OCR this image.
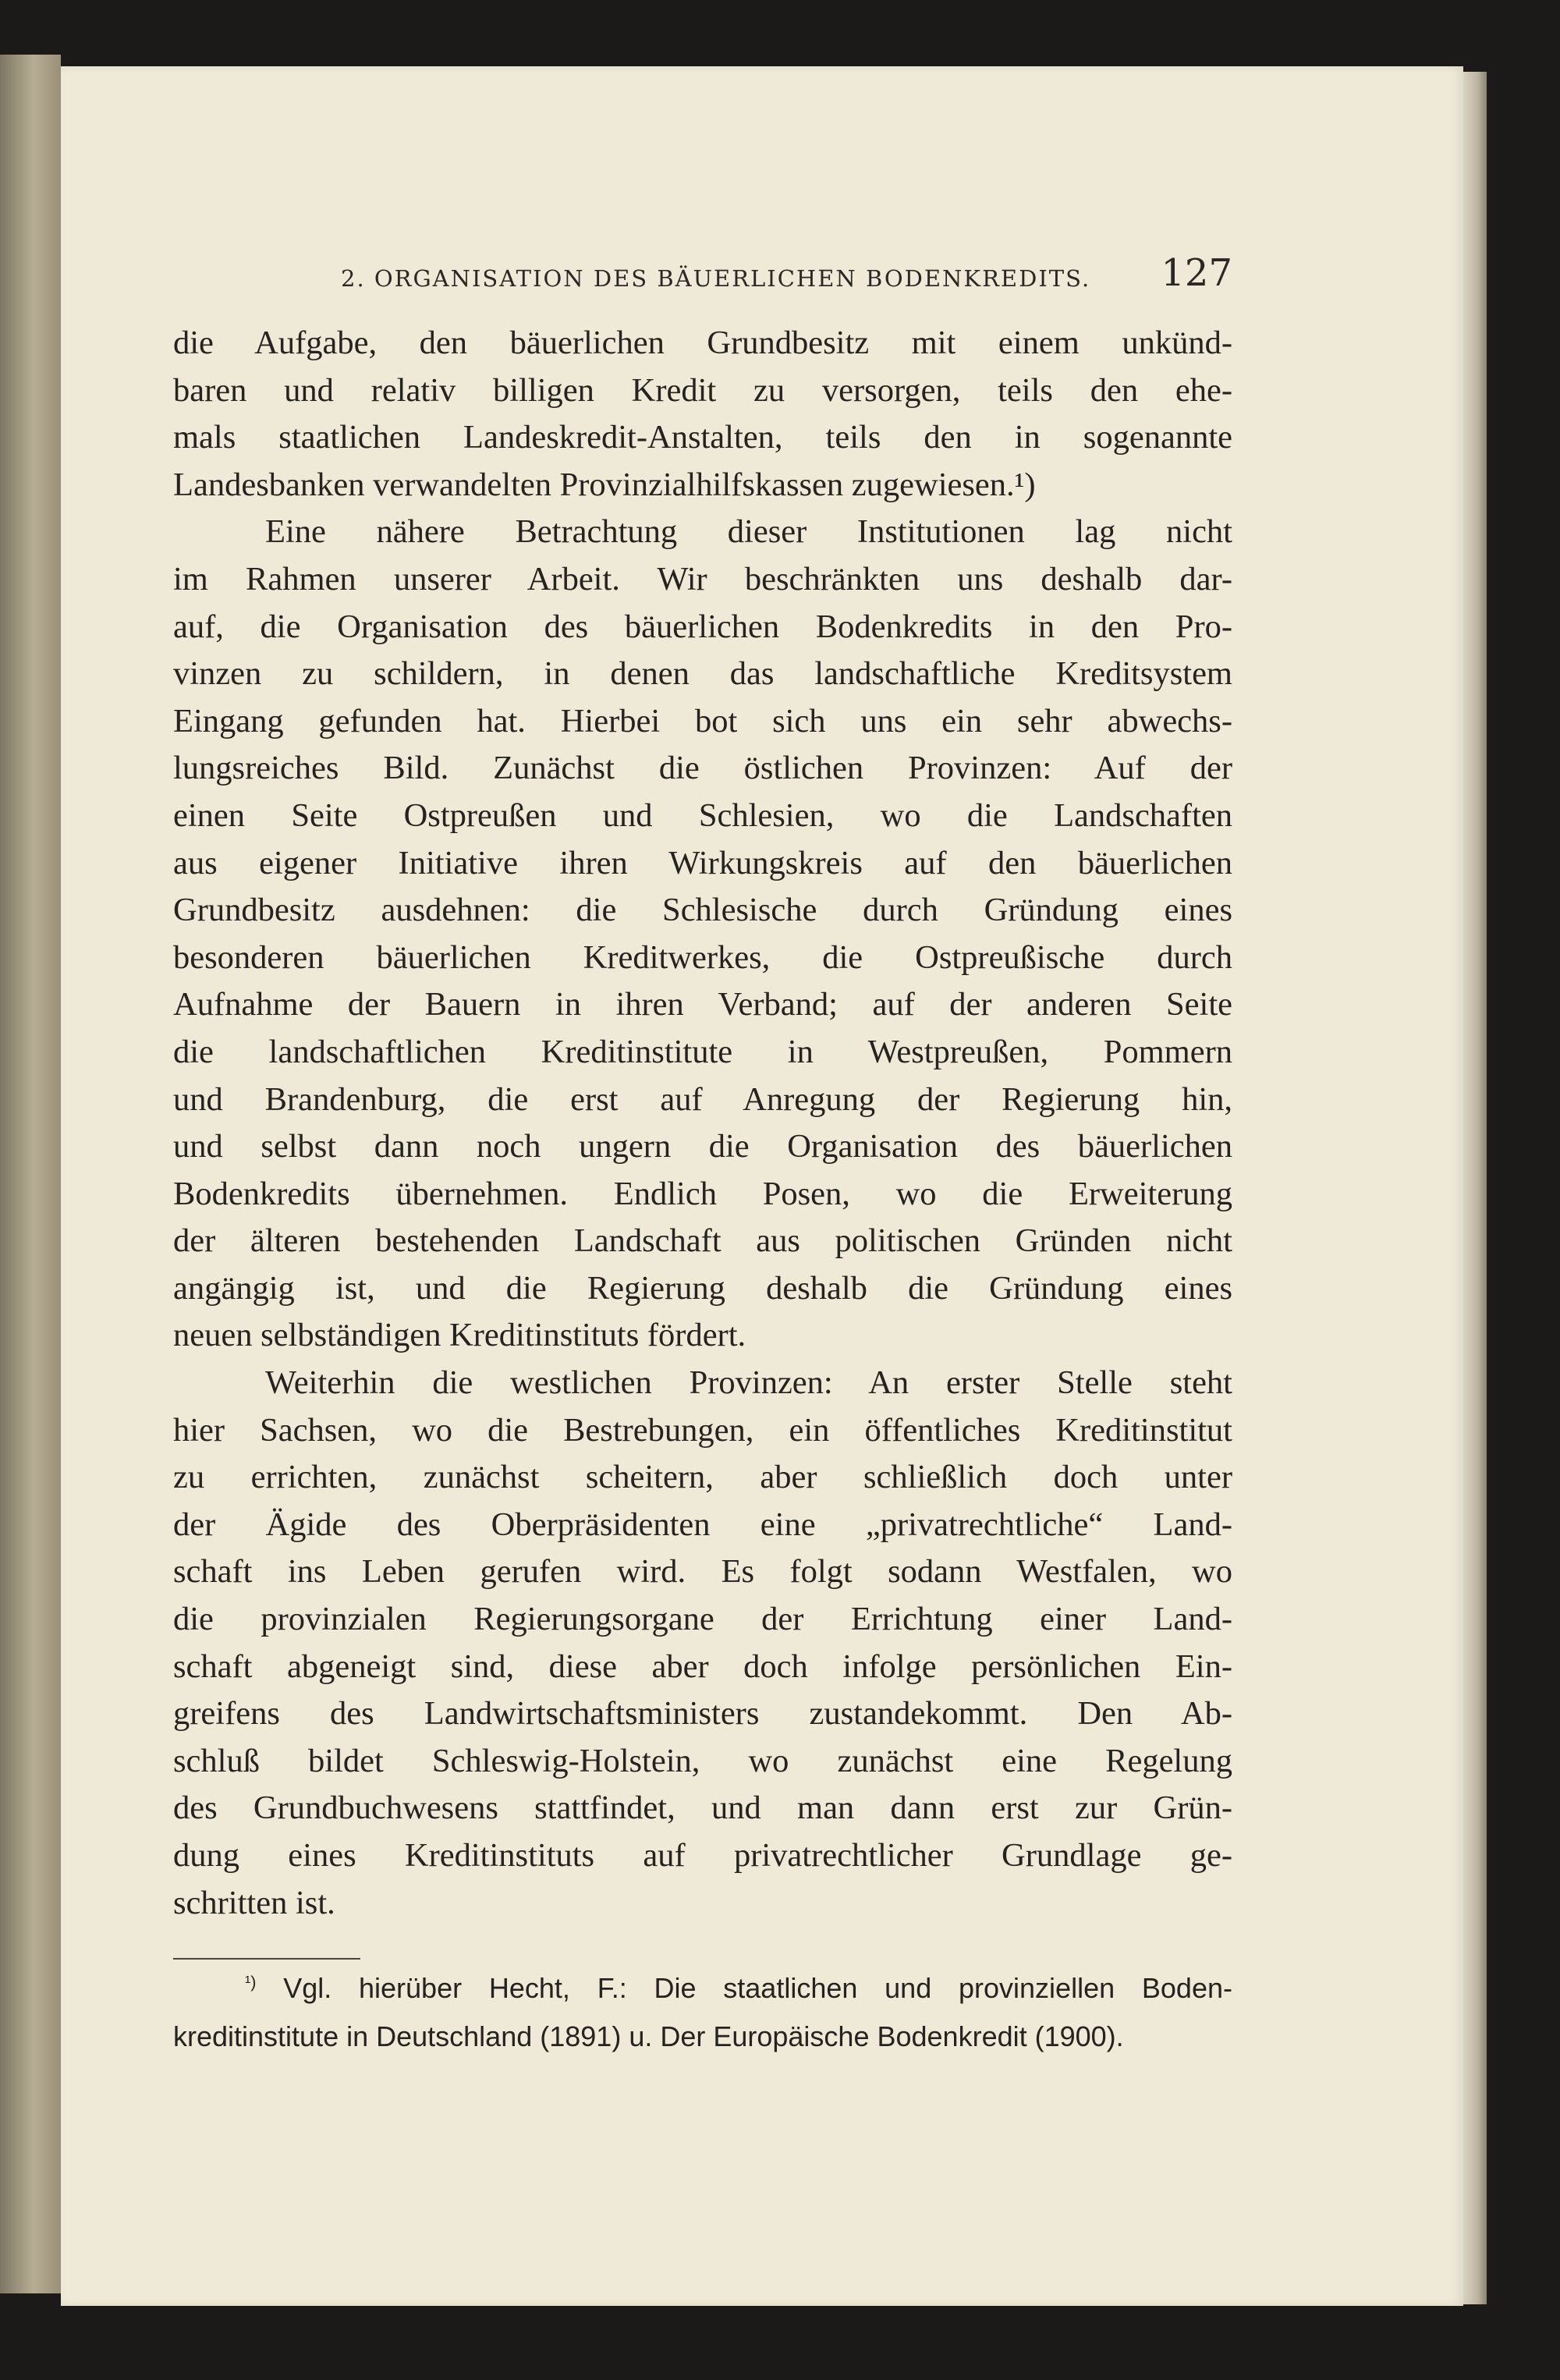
2. ORGANISATION DES BÄUERLICHEN BODENKREDITS. 127
die Aufgabe, den bäuerlichen Grundbesitz mit einem unkünd-
baren und relativ billigen Kredit zu versorgen, teils den ehe-
mals staatlichen Landeskredit-Anstalten, teils den in sogenannte
Landesbanken verwandelten Provinzialhilfskassen zugewiesen.¹)
Eine nähere Betrachtung dieser Institutionen lag nicht
im Rahmen unserer Arbeit. Wir beschränkten uns deshalb dar-
auf, die Organisation des bäuerlichen Bodenkredits in den Pro-
vinzen zu schildern, in denen das landschaftliche Kreditsystem
Eingang gefunden hat. Hierbei bot sich uns ein sehr abwechs-
lungsreiches Bild. Zunächst die östlichen Provinzen: Auf der
einen Seite Ostpreußen und Schlesien, wo die Landschaften
aus eigener Initiative ihren Wirkungskreis auf den bäuerlichen
Grundbesitz ausdehnen: die Schlesische durch Gründung eines
besonderen bäuerlichen Kreditwerkes, die Ostpreußische durch
Aufnahme der Bauern in ihren Verband; auf der anderen Seite
die landschaftlichen Kreditinstitute in Westpreußen, Pommern
und Brandenburg, die erst auf Anregung der Regierung hin,
und selbst dann noch ungern die Organisation des bäuerlichen
Bodenkredits übernehmen. Endlich Posen, wo die Erweiterung
der älteren bestehenden Landschaft aus politischen Gründen nicht
angängig ist, und die Regierung deshalb die Gründung eines
neuen selbständigen Kreditinstituts fördert.
Weiterhin die westlichen Provinzen: An erster Stelle steht
hier Sachsen, wo die Bestrebungen, ein öffentliches Kreditinstitut
zu errichten, zunächst scheitern, aber schließlich doch unter
der Ägide des Oberpräsidenten eine „privatrechtliche“ Land-
schaft ins Leben gerufen wird. Es folgt sodann Westfalen, wo
die provinzialen Regierungsorgane der Errichtung einer Land-
schaft abgeneigt sind, diese aber doch infolge persönlichen Ein-
greifens des Landwirtschaftsministers zustandekommt. Den Ab-
schluß bildet Schleswig-Holstein, wo zunächst eine Regelung
des Grundbuchwesens stattfindet, und man dann erst zur Grün-
dung eines Kreditinstituts auf privatrechtlicher Grundlage ge-
schritten ist.
$^{^1)}$ Vgl. hierüber Hecht, F.: Die staatlichen und provinziellen Boden-
kreditinstitute in Deutschland (1891) u. Der Europäische Bodenkredit (1900).
